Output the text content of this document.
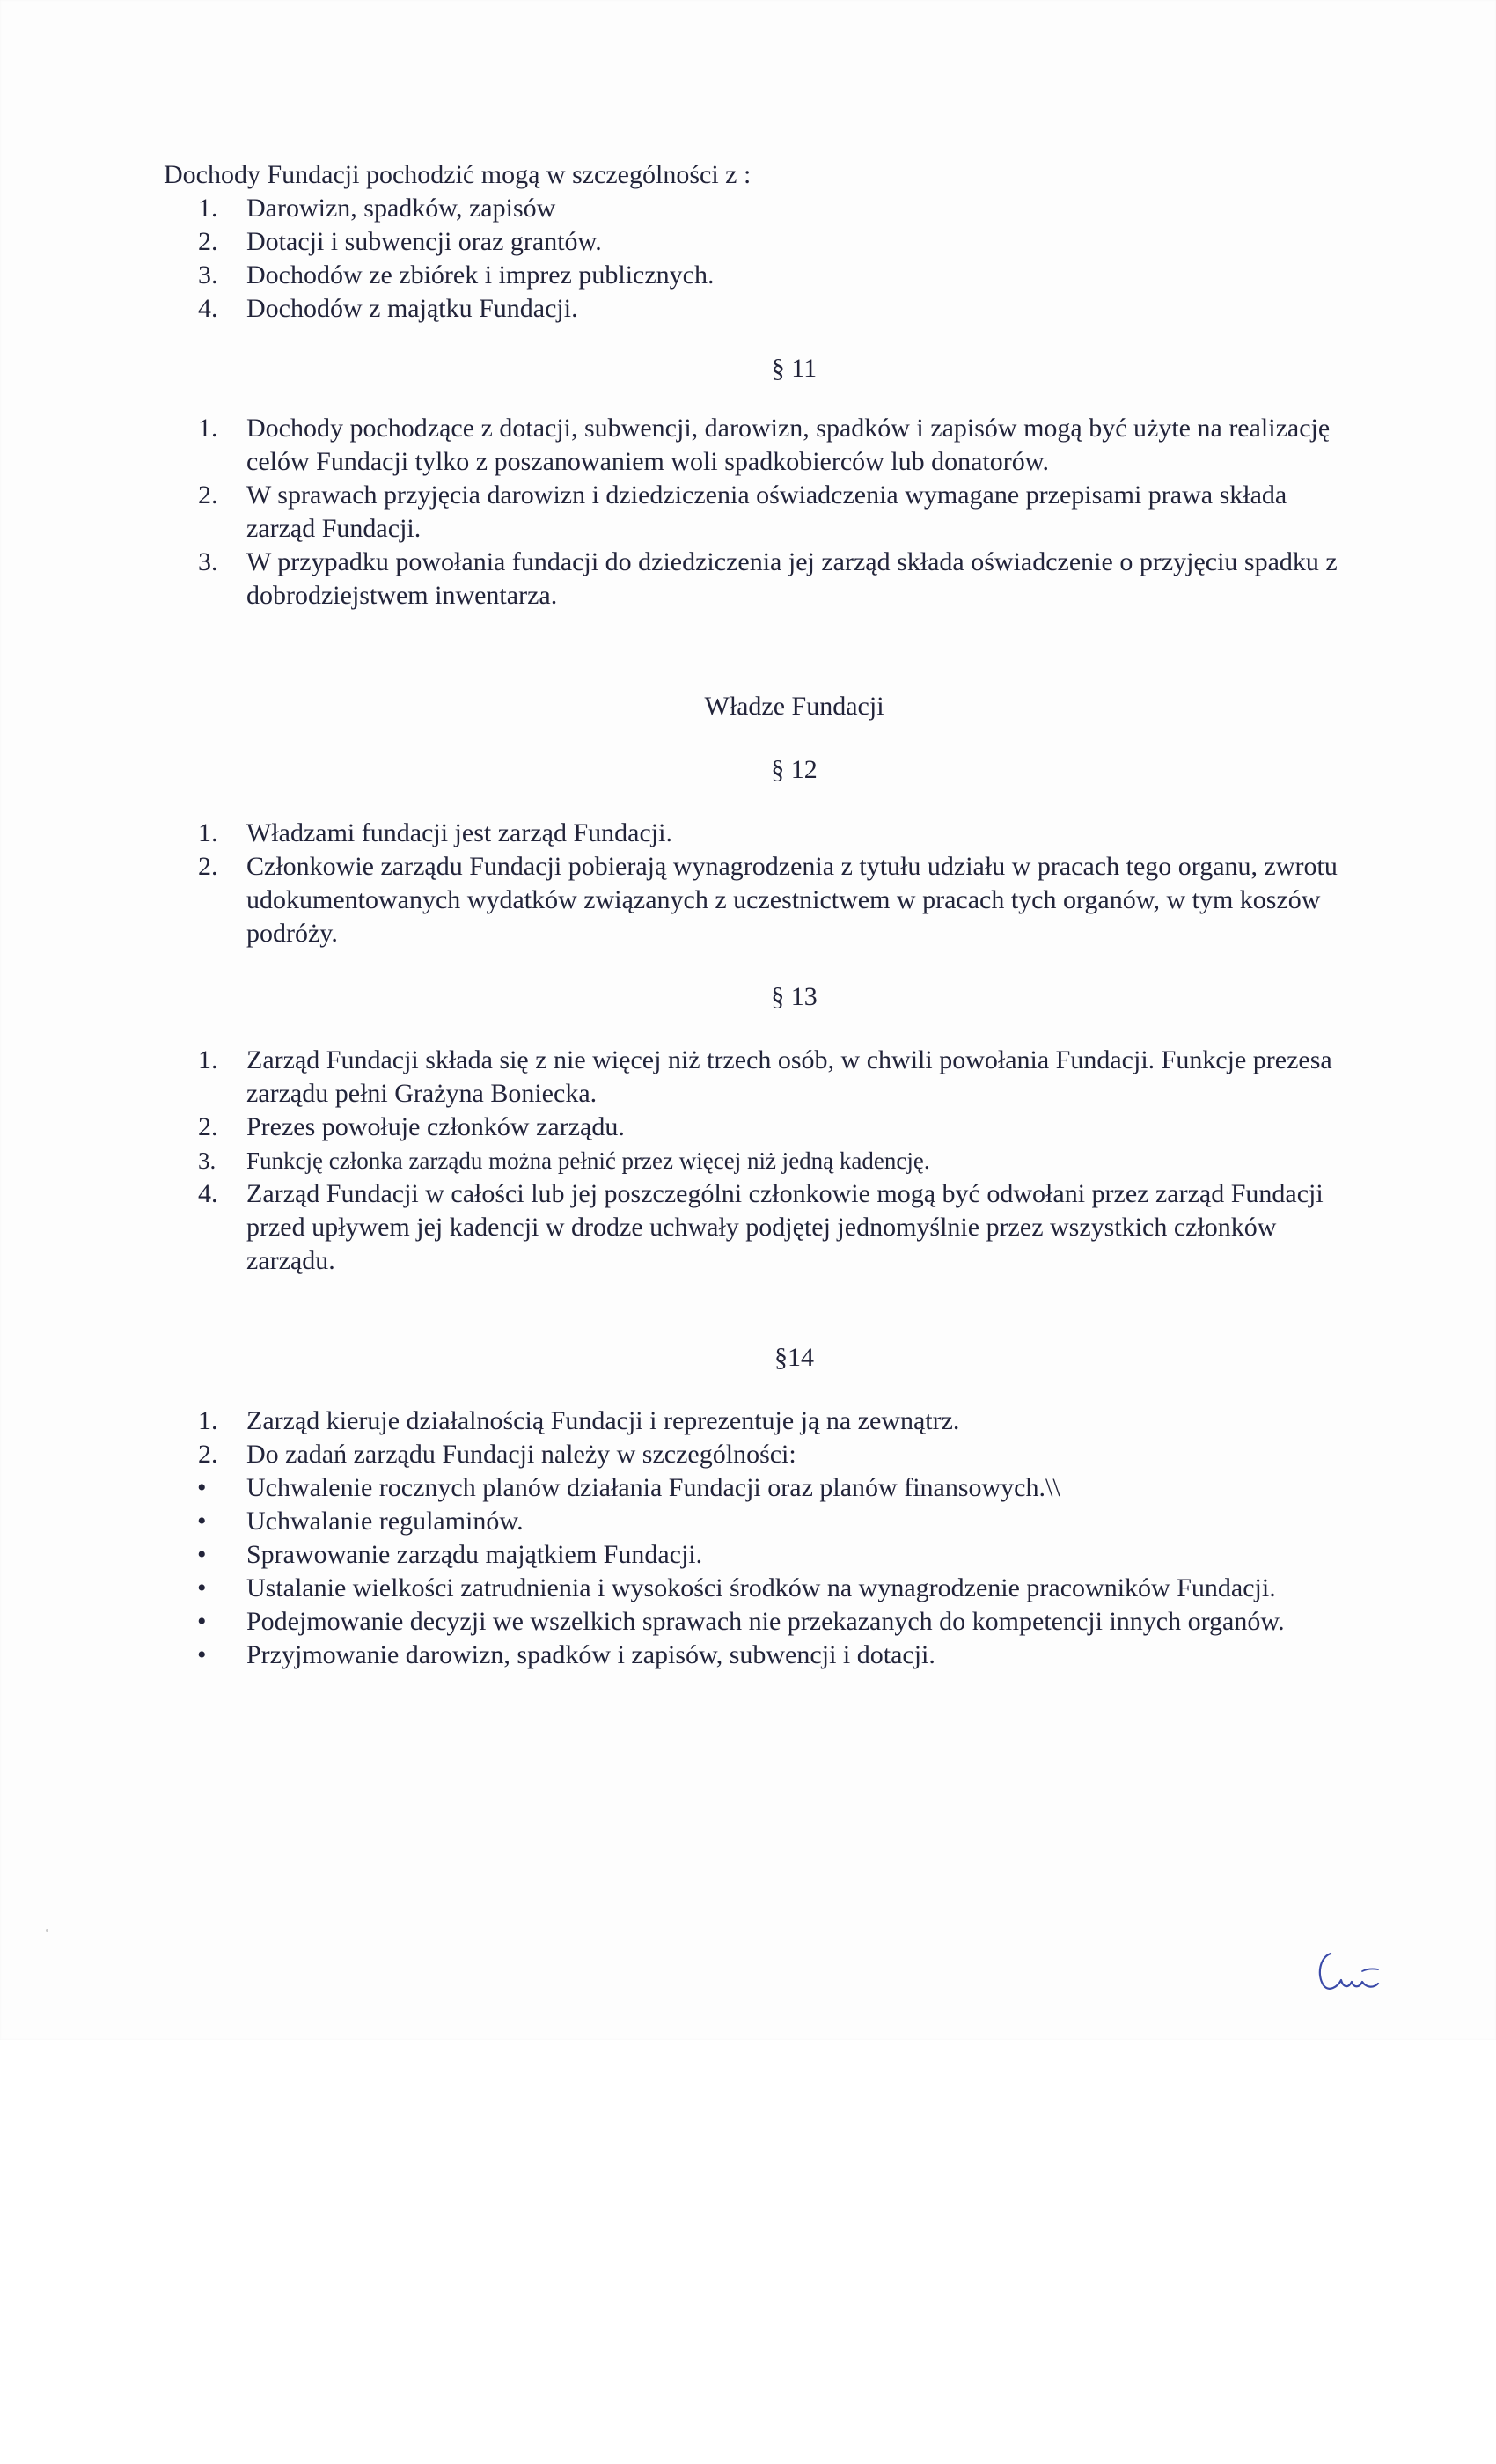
Dochody Fundacji pochodzić mogą w szczególności z :

1. Darowizn, spadków, zapisów
2. Dotacji i subwencji oraz grantów.
3. Dochodów ze zbiórek i imprez publicznych.
4. Dochodów z majątku Fundacji.
§ 11
1. Dochody pochodzące z dotacji, subwencji, darowizn, spadków i zapisów mogą być użyte na realizację celów Fundacji tylko z poszanowaniem woli spadkobierców lub donatorów.
2. W sprawach przyjęcia darowizn i dziedziczenia oświadczenia wymagane przepisami prawa składa zarząd Fundacji.
3. W przypadku powołania fundacji do dziedziczenia jej zarząd składa oświadczenie o przyjęciu spadku z dobrodziejstwem inwentarza.
Władze Fundacji
§ 12
1. Władzami fundacji jest zarząd Fundacji.
2. Członkowie zarządu Fundacji pobierają wynagrodzenia z tytułu udziału w pracach tego organu, zwrotu udokumentowanych wydatków związanych z uczestnictwem w pracach tych organów, w tym koszów podróży.
§ 13
1. Zarząd Fundacji składa się z nie więcej niż trzech osób, w chwili powołania Fundacji. Funkcje prezesa zarządu pełni Grażyna Boniecka.
2. Prezes powołuje członków zarządu.
3. Funkcję członka zarządu można pełnić przez więcej niż jedną kadencję.
4. Zarząd Fundacji w całości lub jej poszczególni członkowie mogą być odwołani przez zarząd Fundacji przed upływem jej kadencji w drodze uchwały podjętej jednomyślnie przez wszystkich członków zarządu.
§14
1. Zarząd kieruje działalnością Fundacji i reprezentuje ją na zewnątrz.
2. Do zadań zarządu Fundacji należy w szczególności:
• Uchwalenie rocznych planów działania Fundacji oraz planów finansowych.\\
• Uchwalanie regulaminów.
• Sprawowanie zarządu majątkiem Fundacji.
• Ustalanie wielkości zatrudnienia i wysokości środków na wynagrodzenie pracowników Fundacji.
• Podejmowanie decyzji we wszelkich sprawach nie przekazanych do kompetencji innych organów.
• Przyjmowanie darowizn, spadków i zapisów, subwencji i dotacji.
